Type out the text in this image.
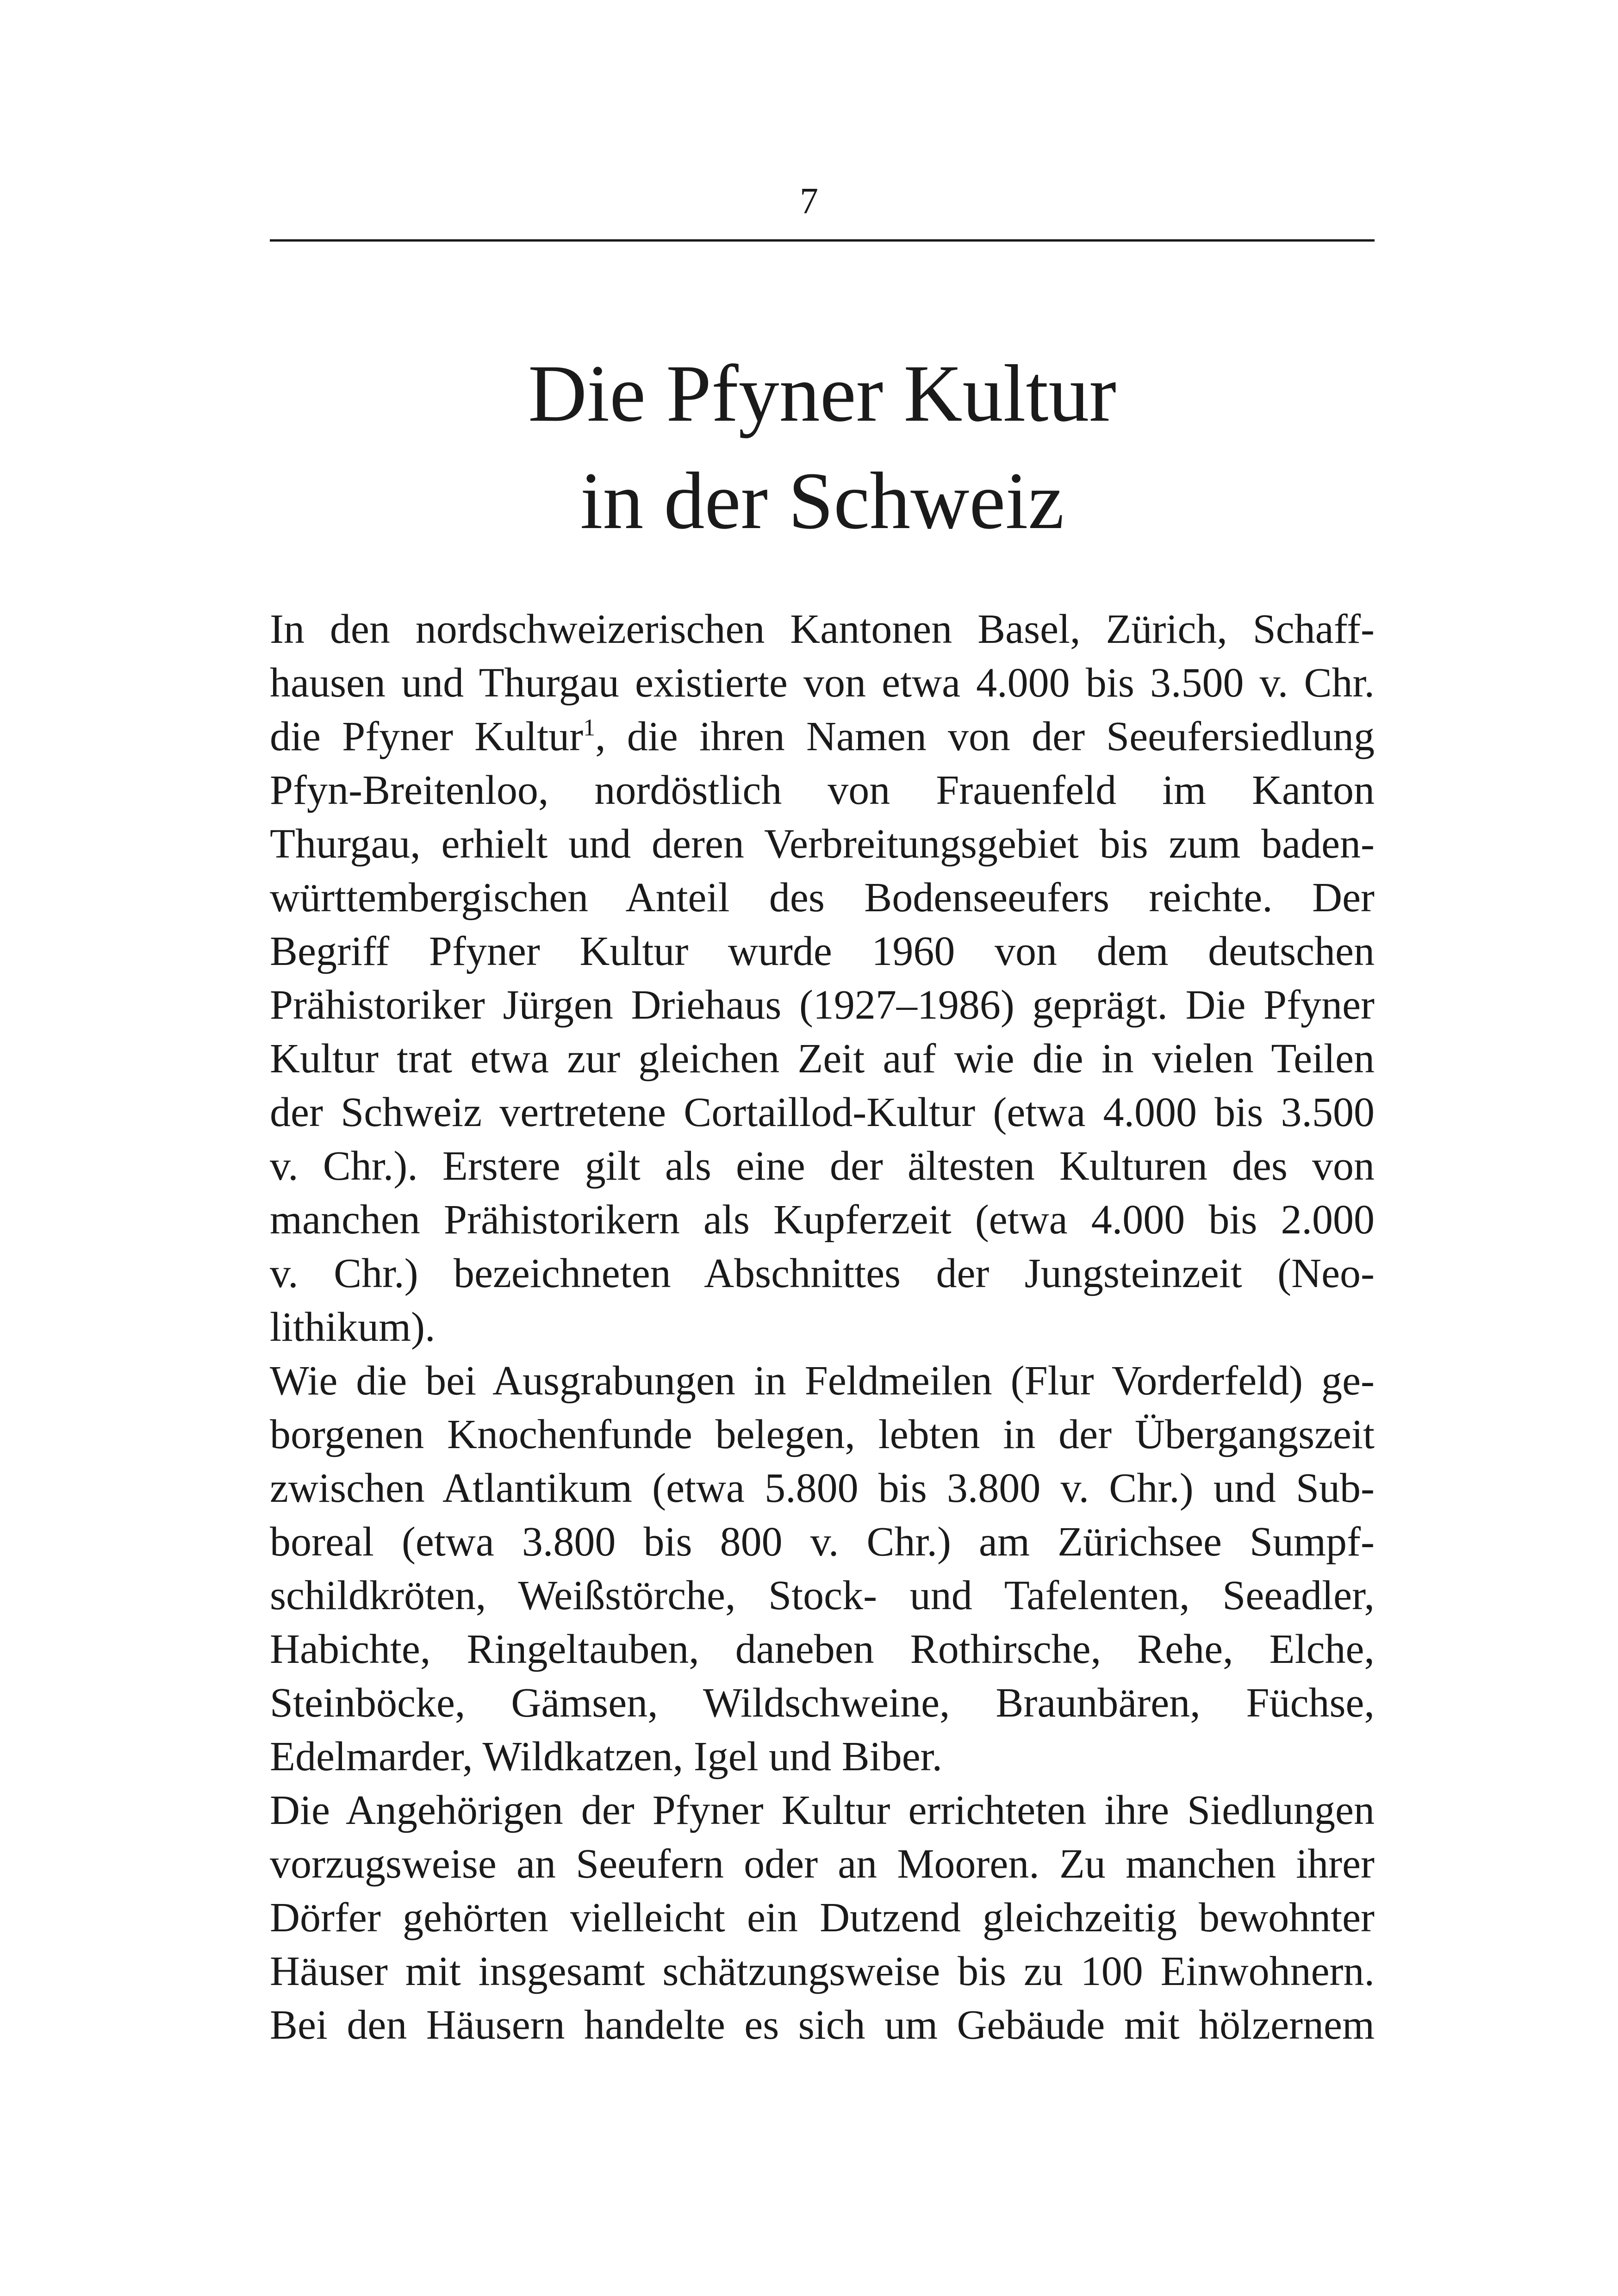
7
Die Pfyner Kultur
in der Schweiz
In den nordschweizerischen Kantonen Basel, Zürich, Schaff-
hausen und Thurgau existierte von etwa 4.000 bis 3.500 v. Chr.
die Pfyner Kultur$^1$, die ihren Namen von der Seeufersiedlung
Pfyn-Breitenloo, nordöstlich von Frauenfeld im Kanton
Thurgau, erhielt und deren Verbreitungsgebiet bis zum baden-
württembergischen Anteil des Bodenseeufers reichte. Der
Begriff Pfyner Kultur wurde 1960 von dem deutschen
Prähistoriker Jürgen Driehaus (1927–1986) geprägt. Die Pfyner
Kultur trat etwa zur gleichen Zeit auf wie die in vielen Teilen
der Schweiz vertretene Cortaillod-Kultur (etwa 4.000 bis 3.500
v. Chr.). Erstere gilt als eine der ältesten Kulturen des von
manchen Prähistorikern als Kupferzeit (etwa 4.000 bis 2.000
v. Chr.) bezeichneten Abschnittes der Jungsteinzeit (Neo-
lithikum).
Wie die bei Ausgrabungen in Feldmeilen (Flur Vorderfeld) ge-
borgenen Knochenfunde belegen, lebten in der Übergangszeit
zwischen Atlantikum (etwa 5.800 bis 3.800 v. Chr.) und Sub-
boreal (etwa 3.800 bis 800 v. Chr.) am Zürichsee Sumpf-
schildkröten, Weißstörche, Stock- und Tafelenten, Seeadler,
Habichte, Ringeltauben, daneben Rothirsche, Rehe, Elche,
Steinböcke, Gämsen, Wildschweine, Braunbären, Füchse,
Edelmarder, Wildkatzen, Igel und Biber.
Die Angehörigen der Pfyner Kultur errichteten ihre Siedlungen
vorzugsweise an Seeufern oder an Mooren. Zu manchen ihrer
Dörfer gehörten vielleicht ein Dutzend gleichzeitig bewohnter
Häuser mit insgesamt schätzungsweise bis zu 100 Einwohnern.
Bei den Häusern handelte es sich um Gebäude mit hölzernem
